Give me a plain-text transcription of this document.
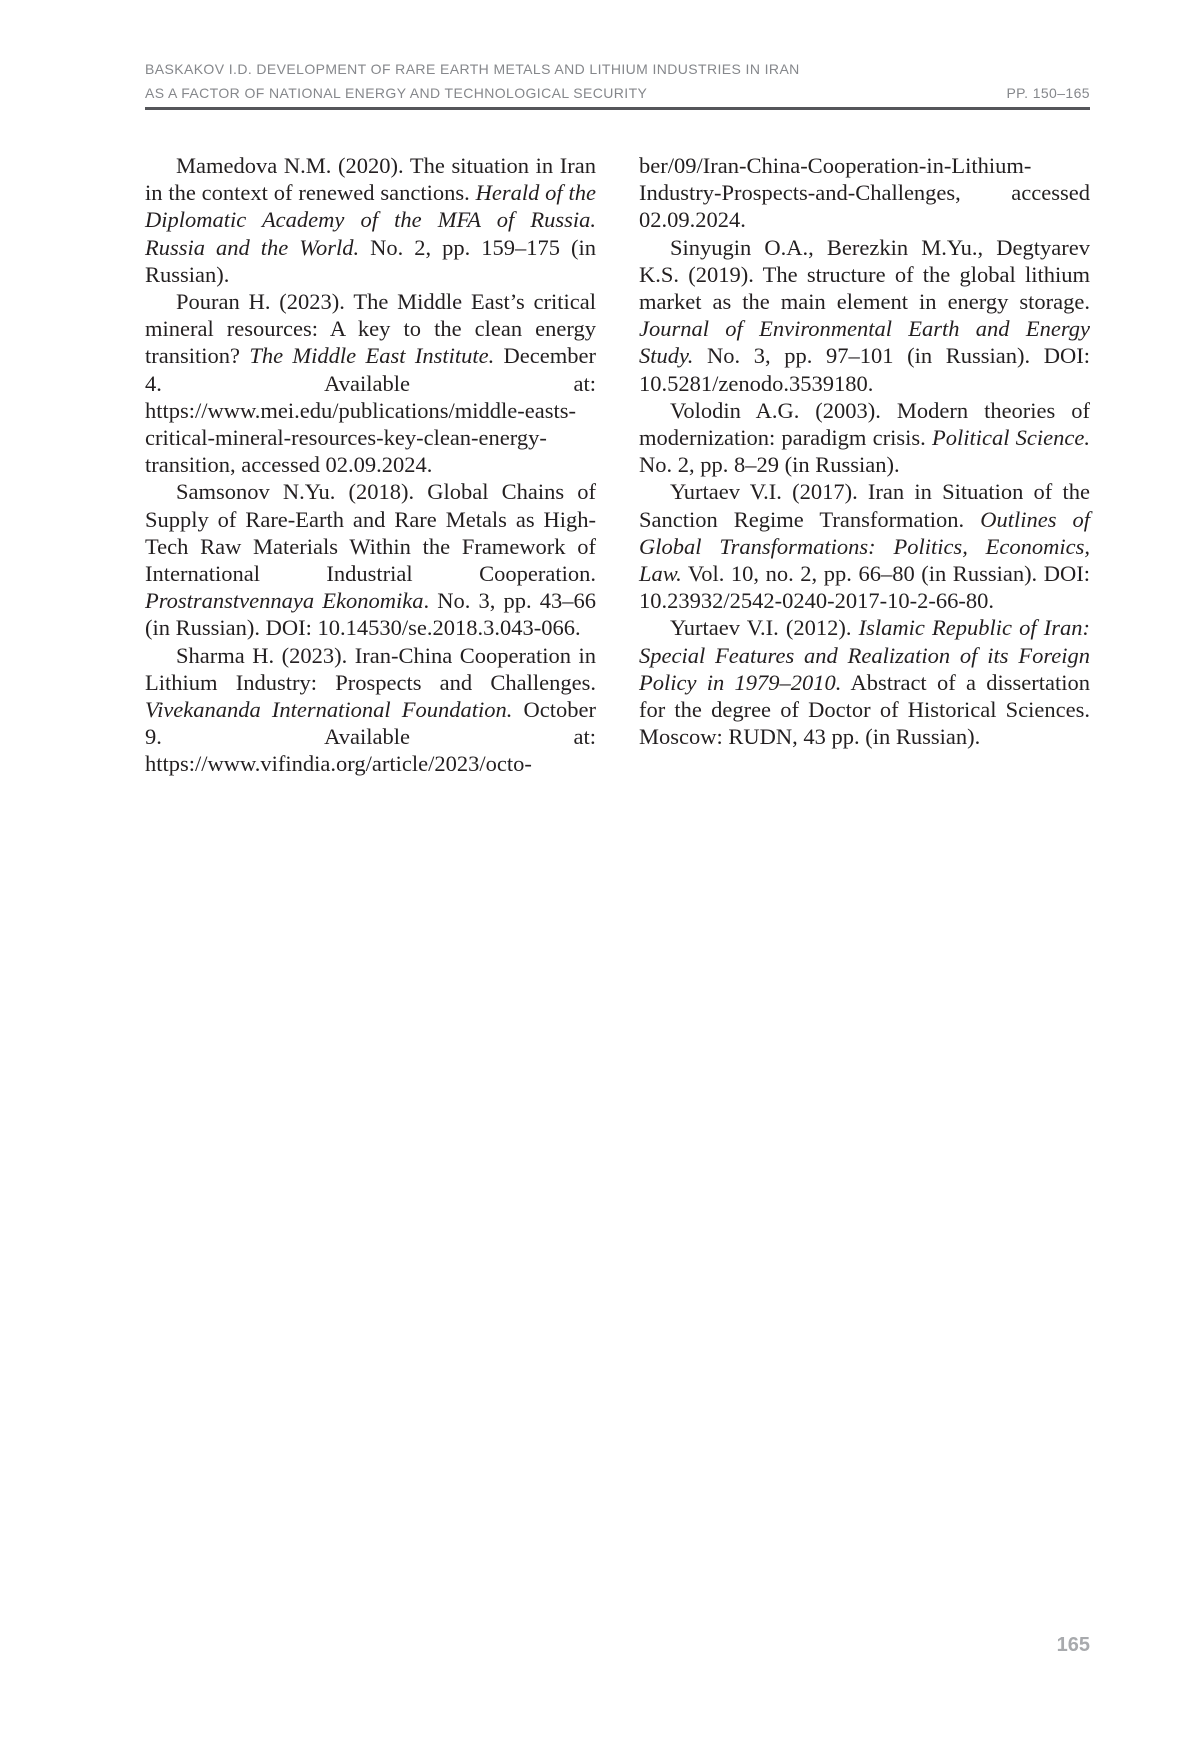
BASKAKOV I.D. DEVELOPMENT OF RARE EARTH METALS AND LITHIUM INDUSTRIES IN IRAN
AS A FACTOR OF NATIONAL ENERGY AND TECHNOLOGICAL SECURITY	PP. 150–165

Mamedova N.M. (2020). The situation in Iran in the context of renewed sanctions. Herald of the Diplomatic Academy of the MFA of Russia. Russia and the World. No. 2, pp. 159–175 (in Russian).

Pouran H. (2023). The Middle East’s critical mineral resources: A key to the clean energy transition? The Middle East Institute. December 4. Available at: https://www.mei.edu/publications/middle-easts-critical-mineral-resources-key-clean-energy-transition, accessed 02.09.2024.

Samsonov N.Yu. (2018). Global Chains of Supply of Rare-Earth and Rare Metals as High-Tech Raw Materials Within the Framework of International Industrial Cooperation. Prostranstvennaya Ekonomika. No. 3, pp. 43–66 (in Russian). DOI: 10.14530/se.2018.3.043-066.

Sharma H. (2023). Iran-China Cooperation in Lithium Industry: Prospects and Challenges. Vivekananda International Foundation. October 9. Available at: https://www.vifindia.org/article/2023/octo-

ber/09/Iran-China-Cooperation-in-Lithium-Industry-Prospects-and-Challenges, accessed 02.09.2024.

Sinyugin O.A., Berezkin M.Yu., Degtyarev K.S. (2019). The structure of the global lithium market as the main element in energy storage. Journal of Environmental Earth and Energy Study. No. 3, pp. 97–101 (in Russian). DOI: 10.5281/zenodo.3539180.

Volodin A.G. (2003). Modern theories of modernization: paradigm crisis. Political Science. No. 2, pp. 8–29 (in Russian).

Yurtaev V.I. (2017). Iran in Situation of the Sanction Regime Transformation. Outlines of Global Transformations: Politics, Economics, Law. Vol. 10, no. 2, pp. 66–80 (in Russian). DOI: 10.23932/2542-0240-2017-10-2-66-80.

Yurtaev V.I. (2012). Islamic Republic of Iran: Special Features and Realization of its Foreign Policy in 1979–2010. Abstract of a dissertation for the degree of Doctor of Historical Sciences. Moscow: RUDN, 43 pp. (in Russian).

165
